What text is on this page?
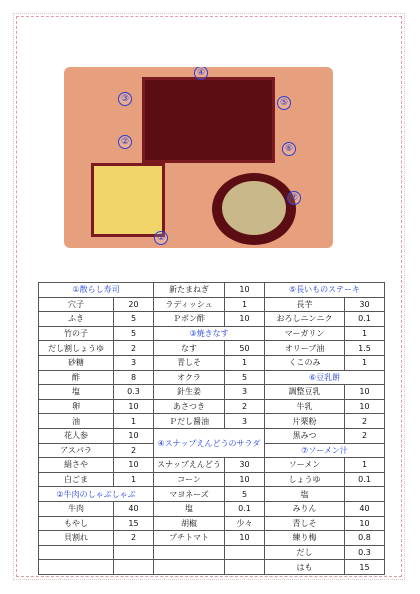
④
③	⑤
②
⑥
⑦
①
①散らし寿司		新たまねぎ	10	⑤長いものステーキ	
穴子	20	ラディッシュ	1	長芋	30
ふき	5	Ｐポン酢	10	おろしニンニク	0.1
竹の子	5	③焼きなす		マーガリン	1
だし割しょうゆ	2	なす	50	オリーブ油	1.5
砂糖	3	青しそ	1	くこのみ	1
酢	8	オクラ	5	⑥豆乳餅	
塩	0.3	針生姜	3	調整豆乳	10
卵	10	あさつき	2	牛乳	10
油	1	Ｐだし醤油	3	片栗粉	2
花人参	10	④スナップえんどうのサラダ		黒みつ	2
アスパラ	2			⑦ソーメン汁	
絹さや	10	スナップえんどう	30	ソーメン	1
白ごま	1	コーン	10	しょうゆ	0.1
②牛肉のしゃぶしゃぶ		マヨネーズ	5	塩	
牛肉	40	塩	0.1	みりん	40
もやし	15	胡椒	少々	青しそ	10
貝割れ	2	プチトマト	10	練り梅	0.8
				だし	0.3
				はも	15
